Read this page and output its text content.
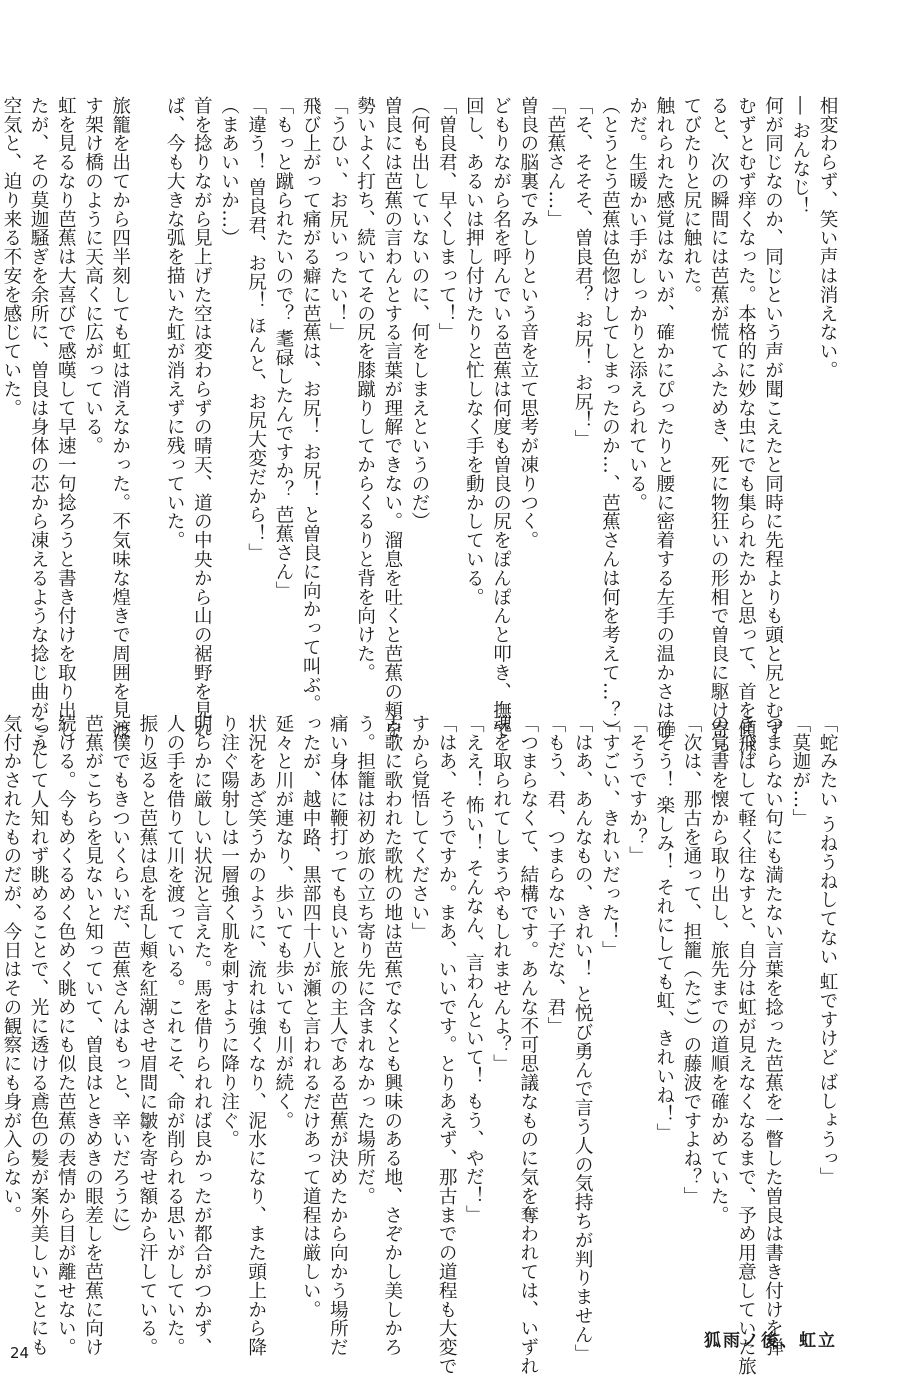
相変わらず、笑い声は消えない。
― おんなじ！
何が同じなのか、同じという声が聞こえたと同時に先程よりも頭と尻とむず
むずとむず痒くなった。本格的に妙な虫にでも集られたかと思って、首を傾げ
ると、次の瞬間には芭蕉が慌てふためき、死に物狂いの形相で曽良に駆け寄っ
てびたりと尻に触れた。
触れられた感覚はないが、確かにぴったりと腰に密着する左手の温かさは確
かだ。生暖かい手がしっかりと添えられている。
（とうとう芭蕉は色惚けしてしまったのか…、芭蕉さんは何を考えて…？）
「そ、そそそ、曽良君？ お尻！ お尻！」
「芭蕉さん…」
曽良の脳裏でみしりという音を立て思考が凍りつく。
どもりながら名を呼んでいる芭蕉は何度も曽良の尻をぽんぽんと叩き、撫で
回し、あるいは押し付けたりと忙しなく手を動かしている。
「曽良君、早くしまって！」
（何も出していないのに、何をしまえというのだ）
曽良には芭蕉の言わんとする言葉が理解できない。溜息を吐くと芭蕉の頬を
勢いよく打ち、続いてその尻を膝蹴りしてからくるりと背を向けた。
「うひぃ、お尻いったい！」
飛び上がって痛がる癖に芭蕉は、お尻！ お尻！ と曽良に向かって叫ぶ。
「もっと蹴られたいので？ 耄碌したんですか？ 芭蕉さん」
「違う！ 曽良君、お尻！ ほんと、お尻大変だから！」
（まあいいか…）
首を捻りながら見上げた空は変わらずの晴天、道の中央から山の裾野を見れ
ば、今も大きな弧を描いた虹が消えずに残っていた。

旅籠を出てから四半刻しても虹は消えなかった。不気味な煌きで周囲を見渡
す架け橋のように天高くに広がっている。
虹を見るなり芭蕉は大喜びで感嘆して早速一句捻ろうと書き付けを取り出し
たが、その莫迦騒ぎを余所に、曽良は身体の芯から凍えるような捻じ曲がった
空気と、迫り来る不安を感じていた。
「蛇みたい うねうねしてない 虹ですけど ばしょうっ」
「莫迦が…」
つまらない句にも満たない言葉を捻った芭蕉を一瞥した曽良は書き付けを弾
き飛ばして軽く往なすと、自分は虹が見えなくなるまで、予め用意していた旅
の覚書を懐から取り出し、旅先までの道順を確かめていた。
「次は、那古を通って、担籠（たご）の藤波ですよね？」
「そう！ 楽しみ！ それにしても虹、きれいね！」
「そうですか？」
「すごい、きれいだった！」
「はあ、あんなもの、きれい！ と悦び勇んで言う人の気持ちが判りません」
「もう、君、つまらない子だな、君」
「つまらなくて、結構です。あんな不可思議なものに気を奪われては、いずれ
魂を取られてしまうやもしれませんよ？」
「ええ！ 怖い！ そんなん、言わんといて！ もう、やだ！」
「はあ、そうですか。まあ、いいです。とりあえず、那古までの道程も大変で
すから覚悟してください」
古歌に歌われた歌枕の地は芭蕉でなくとも興味のある地、さぞかし美しかろ
う。担籠は初め旅の立ち寄り先に含まれなかった場所だ。
痛い身体に鞭打っても良いと旅の主人である芭蕉が決めたから向かう場所だ
ったが、越中路、黒部四十八が瀬と言われるだけあって道程は厳しい。
延々と川が連なり、歩いても歩いても川が続く。
状況をあざ笑うかのように、流れは強くなり、泥水になり、また頭上から降
り注ぐ陽射しは一層強く肌を刺すように降り注ぐ。
明らかに厳しい状況と言えた。馬を借りられれば良かったが都合がつかず、
人の手を借りて川を渡っている。これこそ、命が削られる思いがしていた。
振り返ると芭蕉は息を乱し頬を紅潮させ眉間に皺を寄せ額から汗している。
（僕でもきついくらいだ、芭蕉さんはもっと、辛いだろうに）
芭蕉がこちらを見ないと知っていて、曽良はときめきの眼差しを芭蕉に向け
続ける。今もめくるめく色めく眺めにも似た芭蕉の表情から目が離せない。
こうして人知れず眺めることで、光に透ける鳶色の髪が案外美しいことにも
気付かされたものだが、今日はその観察にも身が入らない。
狐雨ノ後、虹立
24
